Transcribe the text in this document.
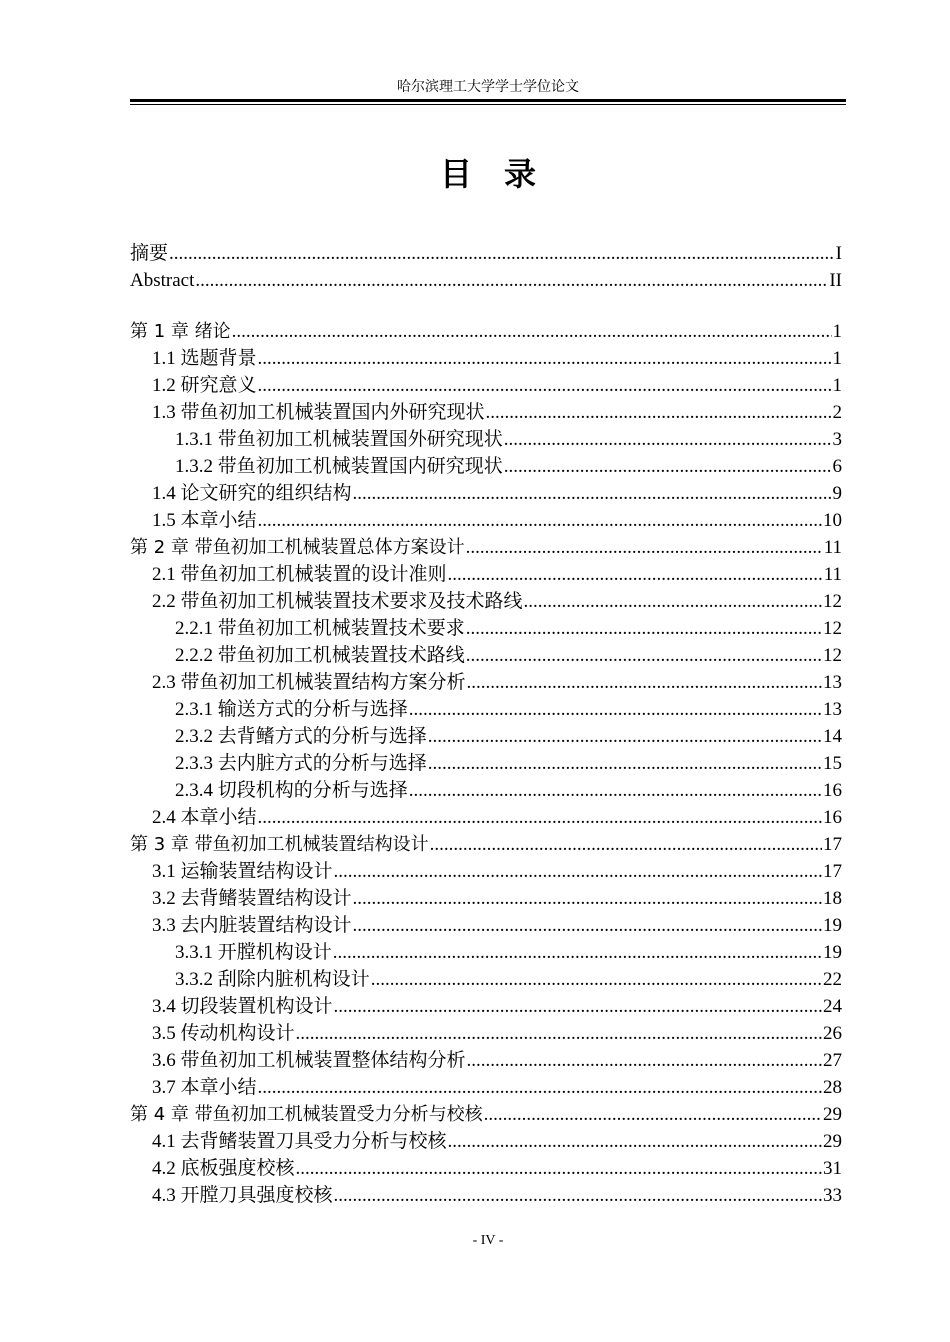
哈尔滨理工大学学士学位论文
目　录
摘要 .....	I
Abstract .....	II
第 1 章 绪论 .....	1
1.1 选题背景 .....	1
1.2 研究意义 .....	1
1.3 带鱼初加工机械装置国内外研究现状 .....	2
1.3.1 带鱼初加工机械装置国外研究现状 .....	3
1.3.2 带鱼初加工机械装置国内研究现状 .....	6
1.4 论文研究的组织结构 .....	9
1.5 本章小结 .....	10
第 2 章 带鱼初加工机械装置总体方案设计 .....	11
2.1 带鱼初加工机械装置的设计准则 .....	11
2.2 带鱼初加工机械装置技术要求及技术路线 .....	12
2.2.1 带鱼初加工机械装置技术要求 .....	12
2.2.2 带鱼初加工机械装置技术路线 .....	12
2.3 带鱼初加工机械装置结构方案分析 .....	13
2.3.1 输送方式的分析与选择 .....	13
2.3.2 去背鳍方式的分析与选择 .....	14
2.3.3 去内脏方式的分析与选择 .....	15
2.3.4 切段机构的分析与选择 .....	16
2.4 本章小结 .....	16
第 3 章 带鱼初加工机械装置结构设计 .....	17
3.1 运输装置结构设计 .....	17
3.2 去背鳍装置结构设计 .....	18
3.3 去内脏装置结构设计 .....	19
3.3.1 开膛机构设计 .....	19
3.3.2 刮除内脏机构设计 .....	22
3.4 切段装置机构设计 .....	24
3.5 传动机构设计 .....	26
3.6 带鱼初加工机械装置整体结构分析 .....	27
3.7 本章小结 .....	28
第 4 章 带鱼初加工机械装置受力分析与校核 .....	29
4.1 去背鳍装置刀具受力分析与校核 .....	29
4.2 底板强度校核 .....	31
4.3 开膛刀具强度校核 .....	33
- IV -
